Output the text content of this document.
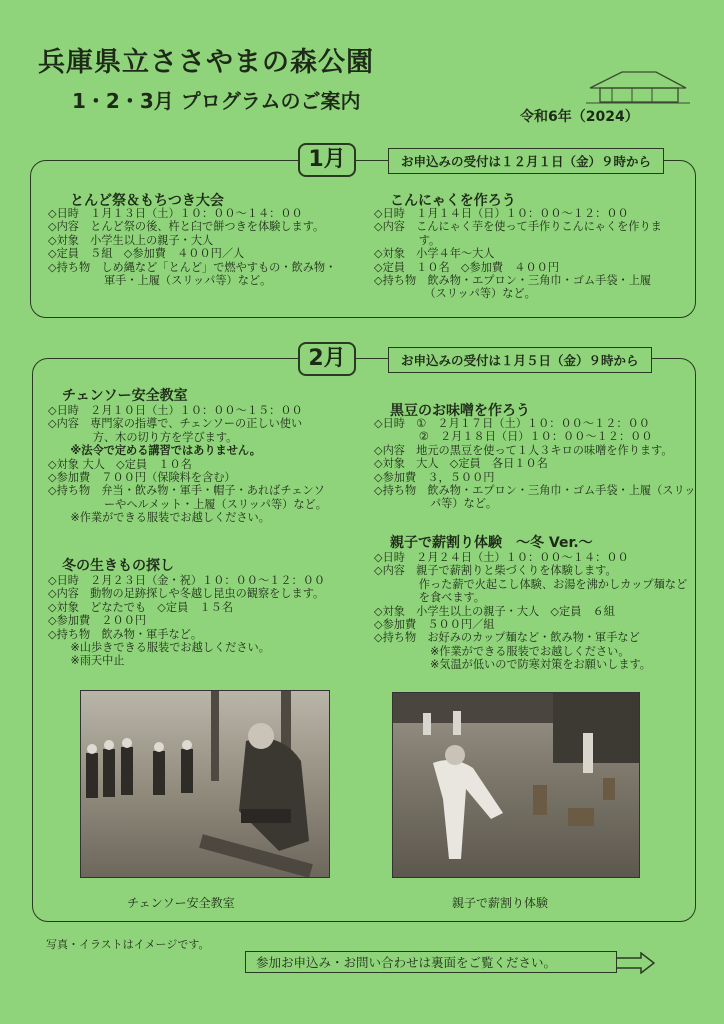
兵庫県立ささやまの森公園
1・2・3月 プログラムのご案内
令和6年（2024）
1月	お申込みの受付は１２月１日（金）９時から
とんど祭＆もちつき大会
◇日時　１月１３日（土）１０：００～１４：００
◇内容　とんど祭の後、杵と臼で餅つきを体験します。
◇対象　小学生以上の親子・大人
◇定員　５組　◇参加費　４００円／人
◇持ち物　しめ縄など「とんど」で燃やすもの・飲み物・
　　　　　軍手・上履（スリッパ等）など。
こんにゃくを作ろう
◇日時　１月１４日（日）１０：００～１２：００
◇内容　こんにゃく芋を使って手作りこんにゃくを作りま
　　　　す。
◇対象　小学４年～大人
◇定員　１０名　◇参加費　４００円
◇持ち物　飲み物・エプロン・三角巾・ゴム手袋・上履
　　　　　（スリッパ等）など。
2月	お申込みの受付は１月５日（金）９時から
チェンソー安全教室
◇日時　２月１０日（土）１０：００～１５：００
◇内容　専門家の指導で、チェンソーの正しい使い
　　　　方、木の切り方を学びます。
　　※法令で定める講習ではありません。
◇対象 大人　◇定員　１０名
◇参加費　７００円（保険料を含む）
◇持ち物　弁当・飲み物・軍手・帽子・あればチェンソ
　　　　　ーやヘルメット・上履（スリッパ等）など。
　　※作業ができる服装でお越しください。
黒豆のお味噌を作ろう
◇日時　①　２月１７日（土）１０：００～１２：００
　　　　②　２月１８日（日）１０：００～１２：００
◇内容　地元の黒豆を使って１人３キロの味噌を作ります。
◇対象　大人　◇定員　各日１０名
◇参加費　３，５００円
◇持ち物　飲み物・エプロン・三角巾・ゴム手袋・上履（スリッ
　　　　　パ等）など。
冬の生きもの探し
◇日時　２月２３日（金・祝）１０：００～１２：００
◇内容　動物の足跡探しや冬越し昆虫の観察をします。
◇対象　どなたでも　◇定員　１５名
◇参加費　２００円
◇持ち物　飲み物・軍手など。
　　※山歩きできる服装でお越しください。
　　※雨天中止
親子で薪割り体験　～冬 Ver.～
◇日時　２月２４日（土）１０：００～１４：００
◇内容　親子で薪割りと柴づくりを体験します。
　　　　作った薪で火起こし体験、お湯を沸かしカップ麺など
　　　　を食べます。
◇対象　小学生以上の親子・大人　◇定員　６組
◇参加費　５００円／組
◇持ち物　お好みのカップ麺など・飲み物・軍手など
　　　　　※作業ができる服装でお越しください。
　　　　　※気温が低いので防寒対策をお願いします。
チェンソー安全教室	親子で薪割り体験
写真・イラストはイメージです。
参加お申込み・お問い合わせは裏面をご覧ください。
